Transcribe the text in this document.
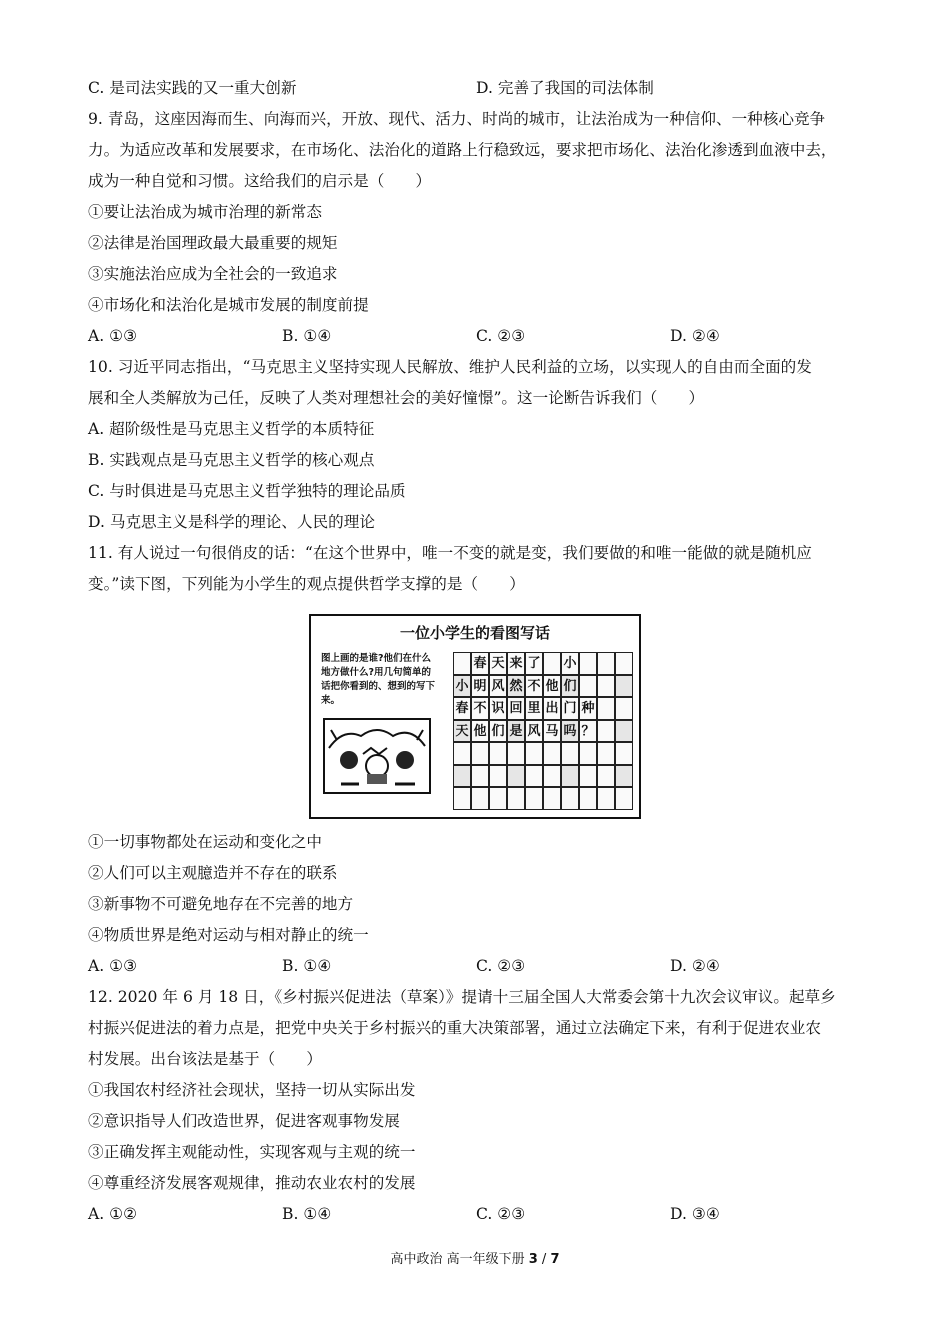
C. 是司法实践的又一重大创新	D. 完善了我国的司法体制
9. 青岛，这座因海而生、向海而兴，开放、现代、活力、时尚的城市，让法治成为一种信仰、一种核心竞争
力。为适应改革和发展要求，在市场化、法治化的道路上行稳致远，要求把市场化、法治化渗透到血液中去，
成为一种自觉和习惯。这给我们的启示是（　　）
①要让法治成为城市治理的新常态
②法律是治国理政最大最重要的规矩
③实施法治应成为全社会的一致追求
④市场化和法治化是城市发展的制度前提
A. ①③	B. ①④	C. ②③	D. ②④
10. 习近平同志指出，“马克思主义坚持实现人民解放、维护人民利益的立场，以实现人的自由而全面的发
展和全人类解放为己任，反映了人类对理想社会的美好憧憬”。这一论断告诉我们（　　）
A. 超阶级性是马克思主义哲学的本质特征
B. 实践观点是马克思主义哲学的核心观点
C. 与时俱进是马克思主义哲学独特的理论品质
D. 马克思主义是科学的理论、人民的理论
11. 有人说过一句很俏皮的话：“在这个世界中，唯一不变的就是变，我们要做的和唯一能做的就是随机应
变。”读下图，下列能为小学生的观点提供哲学支撑的是（　　）
一位小学生的看图写话
图上画的是谁?他们在什么地方做什么?用几句简单的话把你看到的、想到的写下来。
春 天 来 了 小
小 明 风 然 不 他 们
春 不 识 回 里 出 门 种
天 他 们 是 风 马 吗 ？
①一切事物都处在运动和变化之中
②人们可以主观臆造并不存在的联系
③新事物不可避免地存在不完善的地方
④物质世界是绝对运动与相对静止的统一
A. ①③	B. ①④	C. ②③	D. ②④
12. 2020 年 6 月 18 日，《乡村振兴促进法（草案）》提请十三届全国人大常委会第十九次会议审议。起草乡
村振兴促进法的着力点是，把党中央关于乡村振兴的重大决策部署，通过立法确定下来，有利于促进农业农
村发展。出台该法是基于（　　）
①我国农村经济社会现状，坚持一切从实际出发
②意识指导人们改造世界，促进客观事物发展
③正确发挥主观能动性，实现客观与主观的统一
④尊重经济发展客观规律，推动农业农村的发展
A. ①②	B. ①④	C. ②③	D. ③④
高中政治 高一年级下册 3 / 7
